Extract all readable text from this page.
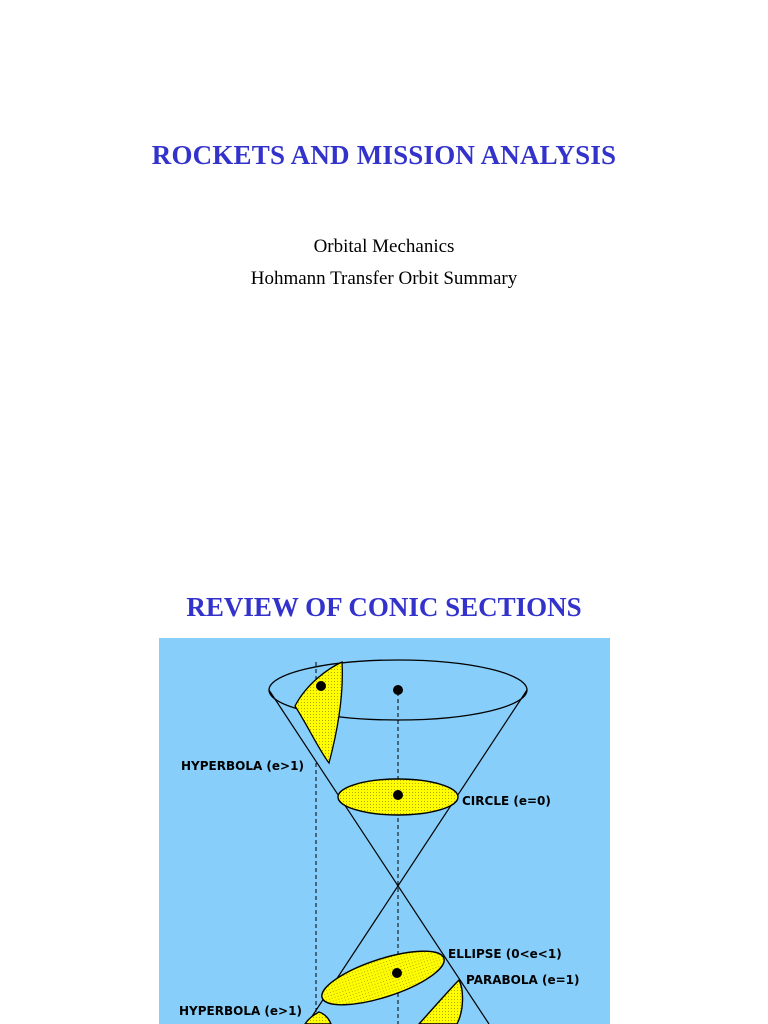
ROCKETS AND MISSION ANALYSIS
Orbital Mechanics
Hohmann Transfer Orbit Summary
REVIEW OF CONIC SECTIONS
HYPERBOLA (e>1)
CIRCLE (e=0)
ELLIPSE (0<e<1)
PARABOLA (e=1)
HYPERBOLA (e>1)
